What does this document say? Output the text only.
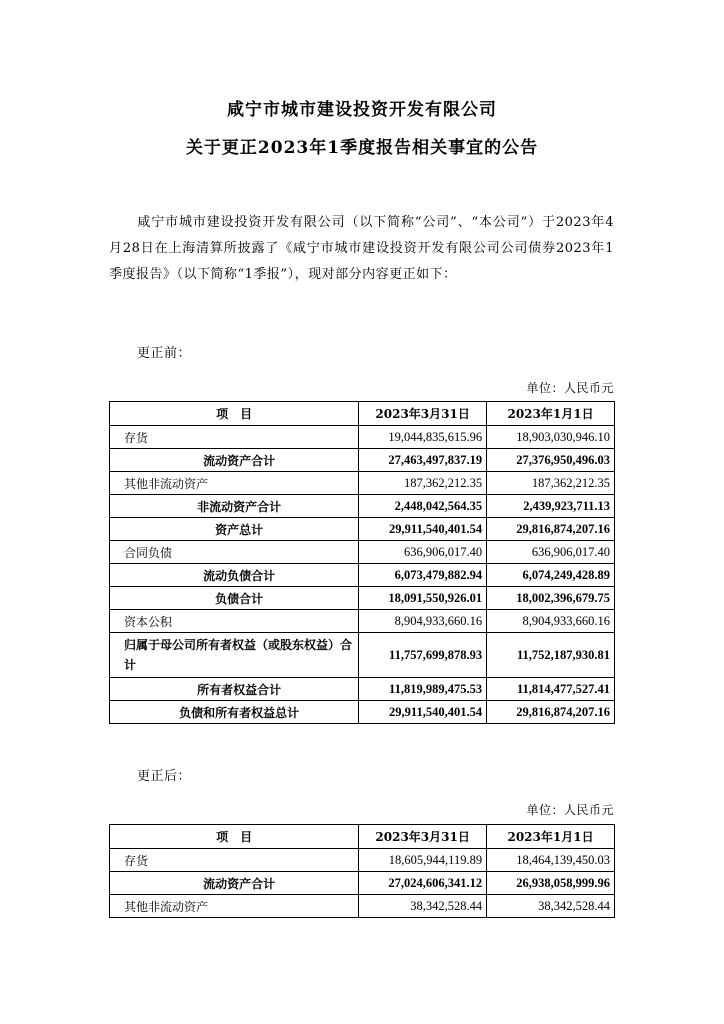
咸宁市城市建设投资开发有限公司
关于更正2023年1季度报告相关事宜的公告
咸宁市城市建设投资开发有限公司（以下简称“公司”、“本公司”）于2023年4月28日在上海清算所披露了《咸宁市城市建设投资开发有限公司公司债券2023年1季度报告》（以下简称“1季报”），现对部分内容更正如下：
更正前：
单位：人民币元
项　目	2023年3月31日	2023年1月1日
存货	19,044,835,615.96	18,903,030,946.10
流动资产合计	27,463,497,837.19	27,376,950,496.03
其他非流动资产	187,362,212.35	187,362,212.35
非流动资产合计	2,448,042,564.35	2,439,923,711.13
资产总计	29,911,540,401.54	29,816,874,207.16
合同负债	636,906,017.40	636,906,017.40
流动负债合计	6,073,479,882.94	6,074,249,428.89
负债合计	18,091,550,926.01	18,002,396,679.75
资本公积	8,904,933,660.16	8,904,933,660.16
归属于母公司所有者权益（或股东权益）合计	11,757,699,878.93	11,752,187,930.81
所有者权益合计	11,819,989,475.53	11,814,477,527.41
负债和所有者权益总计	29,911,540,401.54	29,816,874,207.16
更正后：
单位：人民币元
项　目	2023年3月31日	2023年1月1日
存货	18,605,944,119.89	18,464,139,450.03
流动资产合计	27,024,606,341.12	26,938,058,999.96
其他非流动资产	38,342,528.44	38,342,528.44
